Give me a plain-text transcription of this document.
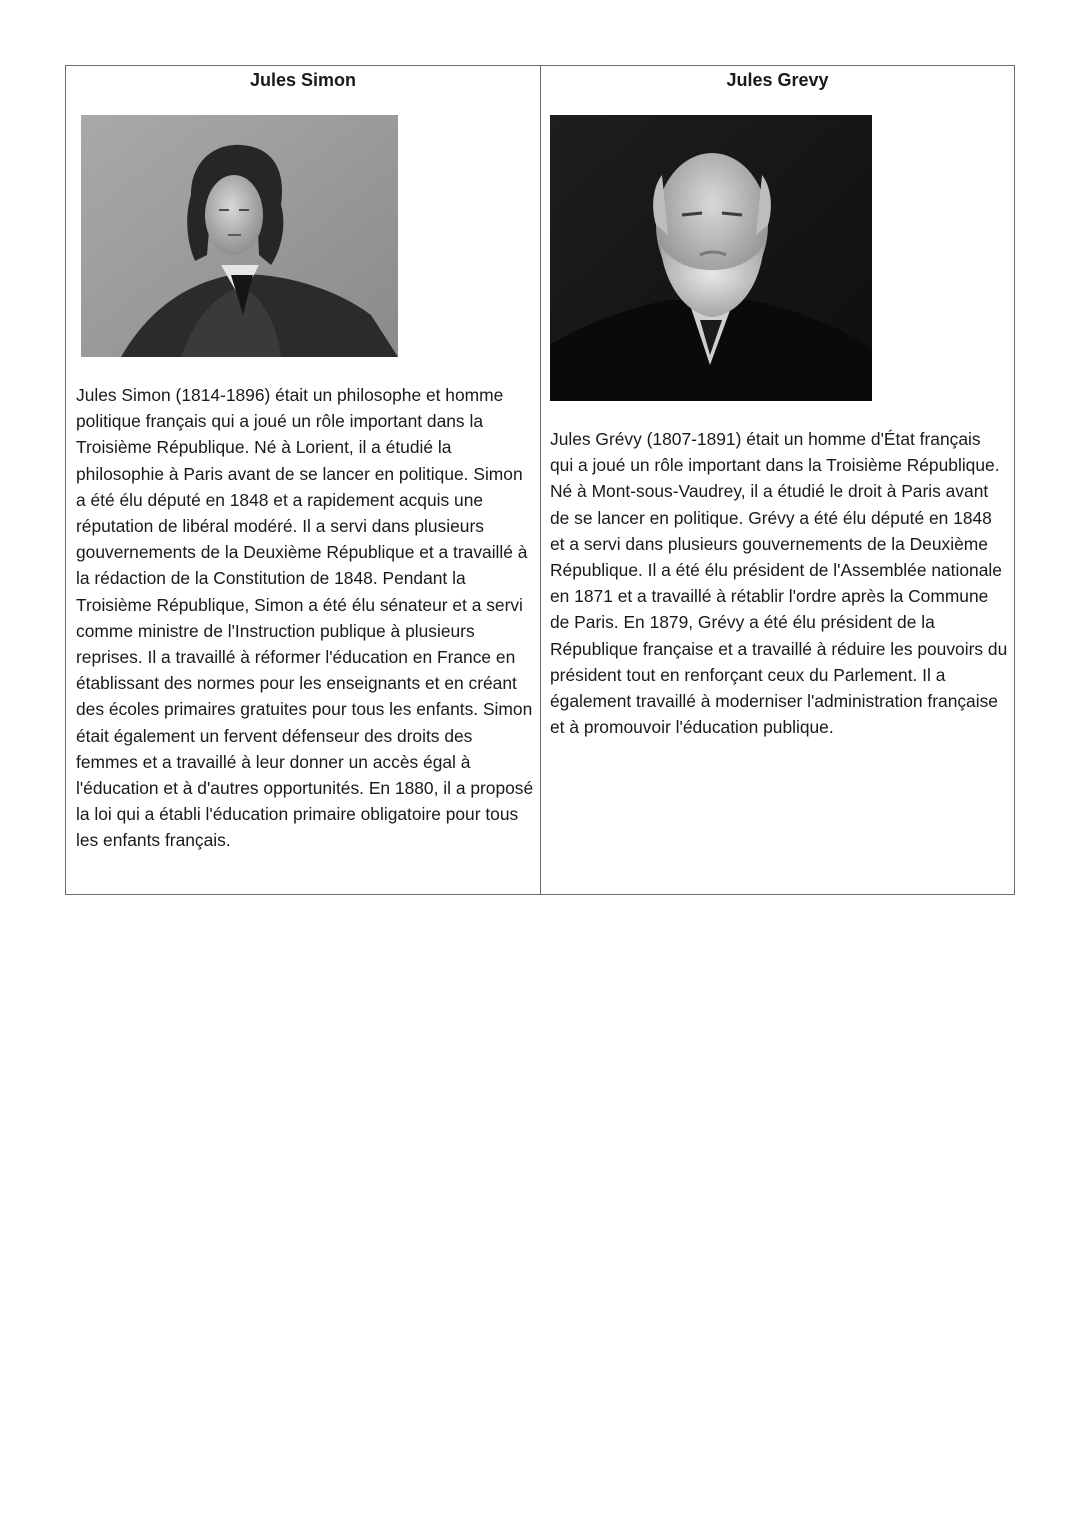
Jules Simon

Jules Simon (1814-1896) était un philosophe et homme politique français qui a joué un rôle important dans la Troisième République. Né à Lorient, il a étudié la philosophie à Paris avant de se lancer en politique. Simon a été élu député en 1848 et a rapidement acquis une réputation de libéral modéré. Il a servi dans plusieurs gouvernements de la Deuxième République et a travaillé à la rédaction de la Constitution de 1848. Pendant la Troisième République, Simon a été élu sénateur et a servi comme ministre de l'Instruction publique à plusieurs reprises. Il a travaillé à réformer l'éducation en France en établissant des normes pour les enseignants et en créant des écoles primaires gratuites pour tous les enfants. Simon était également un fervent défenseur des droits des femmes et a travaillé à leur donner un accès égal à l'éducation et à d'autres opportunités. En 1880, il a proposé la loi qui a établi l'éducation primaire obligatoire pour tous les enfants français.

Jules Grevy

Jules Grévy (1807-1891) était un homme d'État français qui a joué un rôle important dans la Troisième République. Né à Mont-sous-Vaudrey, il a étudié le droit à Paris avant de se lancer en politique. Grévy a été élu député en 1848 et a servi dans plusieurs gouvernements de la Deuxième République. Il a été élu président de l'Assemblée nationale en 1871 et a travaillé à rétablir l'ordre après la Commune de Paris. En 1879, Grévy a été élu président de la République française et a travaillé à réduire les pouvoirs du président tout en renforçant ceux du Parlement. Il a également travaillé à moderniser l'administration française et à promouvoir l'éducation publique.
